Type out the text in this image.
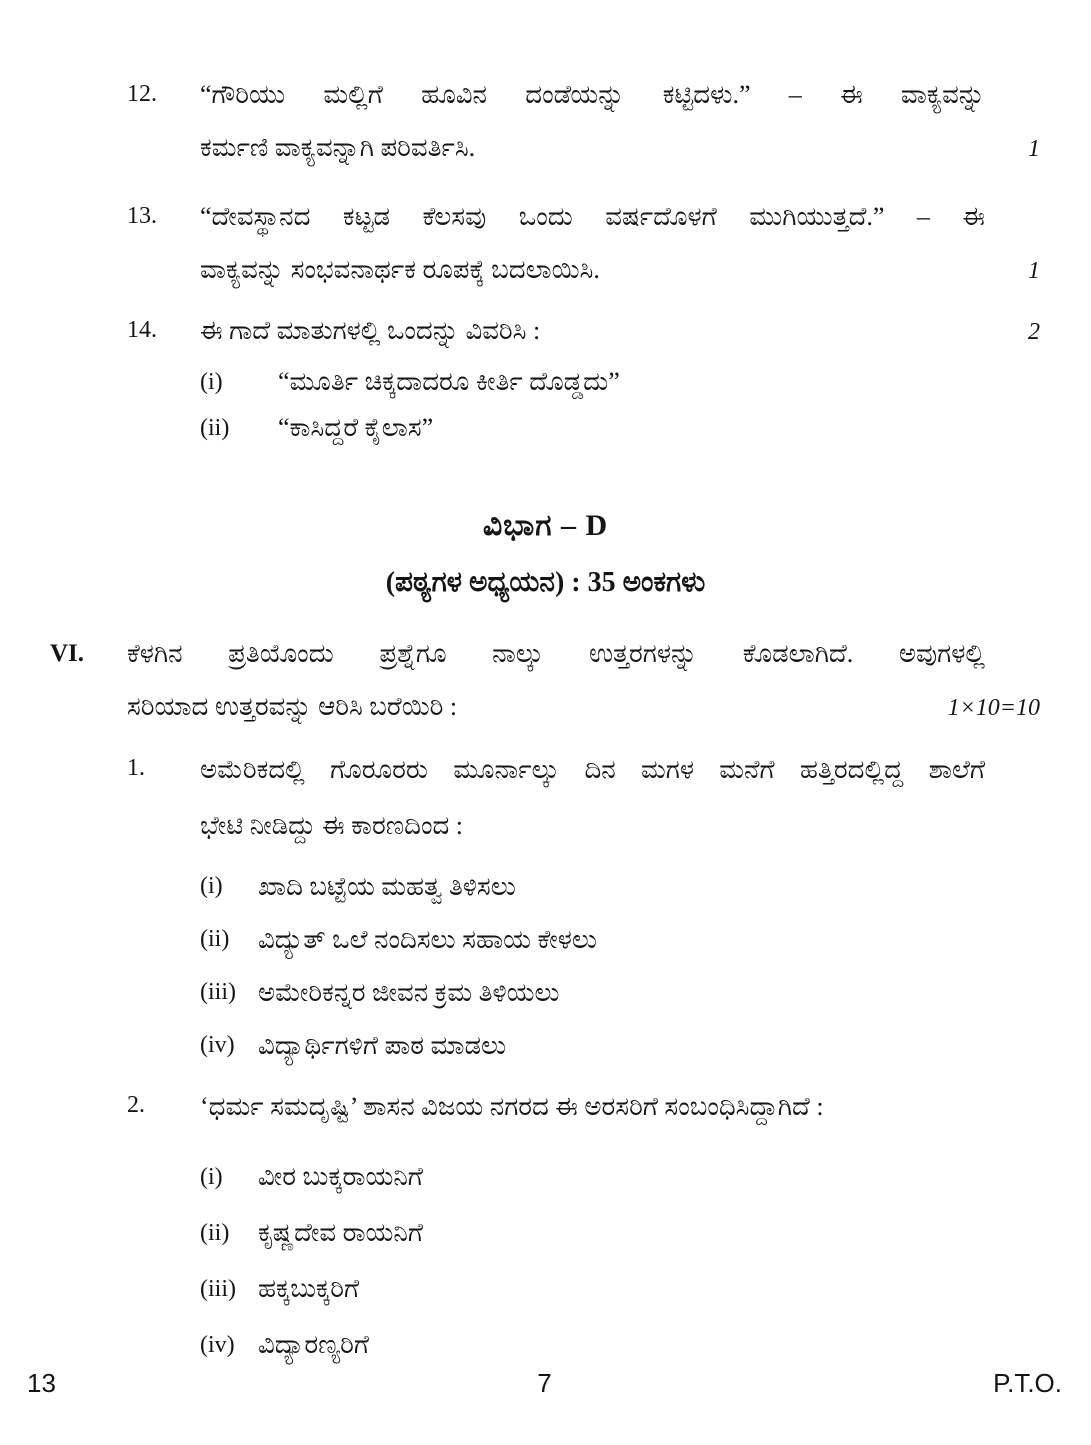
12.	“ಗೌರಿಯು ಮಲ್ಲಿಗೆ ಹೂವಿನ ದಂಡೆಯನ್ನು ಕಟ್ಟಿದಳು.” – ಈ ವಾಕ್ಯವನ್ನು
ಕರ್ಮಣಿ ವಾಕ್ಯವನ್ನಾಗಿ ಪರಿವರ್ತಿಸಿ.	1
13.	“ದೇವಸ್ಥಾನದ ಕಟ್ಟಡ ಕೆಲಸವು ಒಂದು ವರ್ಷದೊಳಗೆ ಮುಗಿಯುತ್ತದೆ.” – ಈ
ವಾಕ್ಯವನ್ನು ಸಂಭವನಾರ್ಥಕ ರೂಪಕ್ಕೆ ಬದಲಾಯಿಸಿ.	1
14.	ಈ ಗಾದೆ ಮಾತುಗಳಲ್ಲಿ ಒಂದನ್ನು ವಿವರಿಸಿ :	2
(i)	“ಮೂರ್ತಿ ಚಿಕ್ಕದಾದರೂ ಕೀರ್ತಿ ದೊಡ್ಡದು”
(ii)	“ಕಾಸಿದ್ದರೆ ಕೈಲಾಸ”
ವಿಭಾಗ – D
(ಪಠ್ಯಗಳ ಅಧ್ಯಯನ) : 35 ಅಂಕಗಳು
VI.	ಕೆಳಗಿನ ಪ್ರತಿಯೊಂದು ಪ್ರಶ್ನೆಗೂ ನಾಲ್ಕು ಉತ್ತರಗಳನ್ನು ಕೊಡಲಾಗಿದೆ. ಅವುಗಳಲ್ಲಿ
ಸರಿಯಾದ ಉತ್ತರವನ್ನು ಆರಿಸಿ ಬರೆಯಿರಿ :	1×10=10
1.	ಅಮೆರಿಕದಲ್ಲಿ ಗೊರೂರರು ಮೂರ್ನಾಲ್ಕು ದಿನ ಮಗಳ ಮನೆಗೆ ಹತ್ತಿರದಲ್ಲಿದ್ದ ಶಾಲೆಗೆ
ಭೇಟಿ ನೀಡಿದ್ದು ಈ ಕಾರಣದಿಂದ :
(i)	ಖಾದಿ ಬಟ್ಟೆಯ ಮಹತ್ವ ತಿಳಿಸಲು
(ii)	ವಿದ್ಯುತ್ ಒಲೆ ನಂದಿಸಲು ಸಹಾಯ ಕೇಳಲು
(iii) ಅಮೇರಿಕನ್ನರ ಜೀವನ ಕ್ರಮ ತಿಳಿಯಲು
(iv) ವಿದ್ಯಾರ್ಥಿಗಳಿಗೆ ಪಾಠ ಮಾಡಲು
2.	‘ಧರ್ಮ ಸಮದೃಷ್ಟಿ’ ಶಾಸನ ವಿಜಯ ನಗರದ ಈ ಅರಸರಿಗೆ ಸಂಬಂಧಿಸಿದ್ದಾಗಿದೆ :
(i)	ವೀರ ಬುಕ್ಕರಾಯನಿಗೆ
(ii)	ಕೃಷ್ಣದೇವ ರಾಯನಿಗೆ
(iii) ಹಕ್ಕಬುಕ್ಕರಿಗೆ
(iv) ವಿದ್ಯಾರಣ್ಯರಿಗೆ
13	7	P.T.O.
